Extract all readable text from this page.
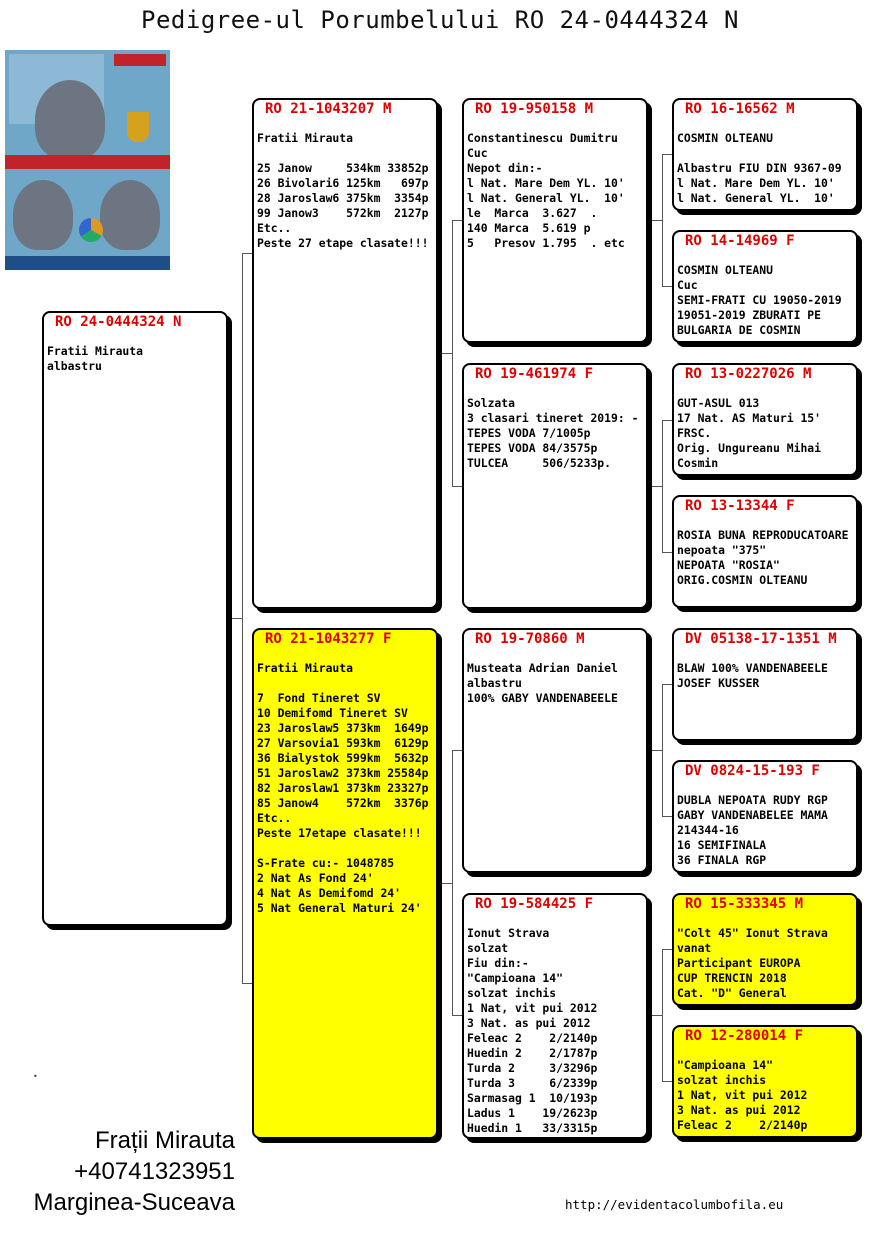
Pedigree-ul Porumbelului RO 24-0444324 N
RO 24-0444324 N
Fratii Mirauta
albastru
RO 21-1043207 M
Fratii Mirauta

25 Janow     534km 33852p
26 Bivolari6 125km   697p
28 Jaroslaw6 375km  3354p
99 Janow3    572km  2127p
Etc..
Peste 27 etape clasate!!!
RO 21-1043277 F
Fratii Mirauta

7  Fond Tineret SV
10 Demifomd Tineret SV
23 Jaroslaw5 373km  1649p
27 Varsovia1 593km  6129p
36 Bialystok 599km  5632p
51 Jaroslaw2 373km 25584p
82 Jaroslaw1 373km 23327p
85 Janow4    572km  3376p
Etc..
Peste 17etape clasate!!!

S-Frate cu:- 1048785
2 Nat As Fond 24'
4 Nat As Demifomd 24'
5 Nat General Maturi 24'
RO 19-950158 M
Constantinescu Dumitru
Cuc
Nepot din:-
l Nat. Mare Dem YL. 10'
l Nat. General YL.  10'
le  Marca  3.627  .
140 Marca  5.619 p
5   Presov 1.795  . etc
RO 19-461974 F
Solzata
3 clasari tineret 2019: -
TEPES VODA 7/1005p
TEPES VODA 84/3575p
TULCEA     506/5233p.
RO 19-70860 M
Musteata Adrian Daniel
albastru
100% GABY VANDENABEELE
RO 19-584425 F
Ionut Strava
solzat
Fiu din:-
"Campioana 14"
solzat inchis
1 Nat, vit pui 2012
3 Nat. as pui 2012
Feleac 2    2/2140p
Huedin 2    2/1787p
Turda 2     3/3296p
Turda 3     6/2339p
Sarmasag 1  10/193p
Ladus 1    19/2623p
Huedin 1   33/3315p
RO 16-16562 M
COSMIN OLTEANU

Albastru FIU DIN 9367-09
l Nat. Mare Dem YL. 10'
l Nat. General YL.  10'
RO 14-14969 F
COSMIN OLTEANU
Cuc
SEMI-FRATI CU 19050-2019
19051-2019 ZBURATI PE
BULGARIA DE COSMIN
RO 13-0227026 M
GUT-ASUL 013
17 Nat. AS Maturi 15'
FRSC.
Orig. Ungureanu Mihai
Cosmin
RO 13-13344 F
ROSIA BUNA REPRODUCATOARE
nepoata "375"
NEPOATA "ROSIA"
ORIG.COSMIN OLTEANU
DV 05138-17-1351 M
BLAW 100% VANDENABEELE
JOSEF KUSSER
DV 0824-15-193 F
DUBLA NEPOATA RUDY RGP
GABY VANDENABELEE MAMA
214344-16
16 SEMIFINALA
36 FINALA RGP
RO 15-333345 M
"Colt 45" Ionut Strava
vanat
Participant EUROPA
CUP TRENCIN 2018
Cat. "D" General
RO 12-280014 F
"Campioana 14"
solzat inchis
1 Nat, vit pui 2012
3 Nat. as pui 2012
Feleac 2    2/2140p
•
Frații Mirauta
+40741323951
Marginea-Suceava	http://evidentacolumbofila.eu
